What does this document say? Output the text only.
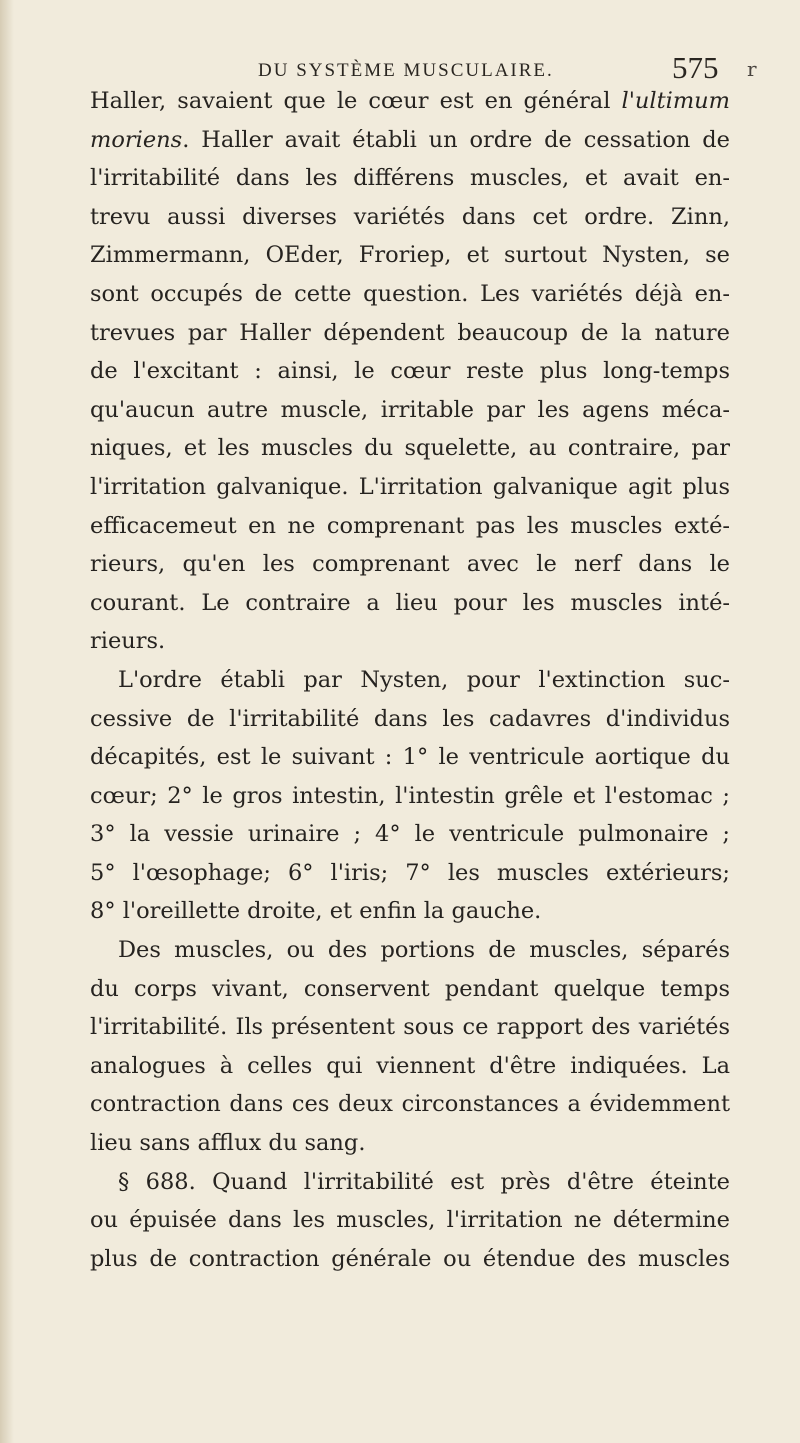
DU SYSTÈME MUSCULAIRE.	575 r

Haller, savaient que le cœur est en général l'ultimum
moriens. Haller avait établi un ordre de cessation de
l'irritabilité dans les différens muscles, et avait en-
trevu aussi diverses variétés dans cet ordre. Zinn,
Zimmermann, OEder, Froriep, et surtout Nysten, se
sont occupés de cette question. Les variétés déjà en-
trevues par Haller dépendent beaucoup de la nature
de l'excitant : ainsi, le cœur reste plus long-temps
qu'aucun autre muscle, irritable par les agens méca-
niques, et les muscles du squelette, au contraire, par
l'irritation galvanique. L'irritation galvanique agit plus
efficacemeut en ne comprenant pas les muscles exté-
rieurs, qu'en les comprenant avec le nerf dans le
courant. Le contraire a lieu pour les muscles inté-
rieurs.

L'ordre établi par Nysten, pour l'extinction suc-
cessive de l'irritabilité dans les cadavres d'individus
décapités, est le suivant : 1° le ventricule aortique du
cœur; 2° le gros intestin, l'intestin grêle et l'estomac ;
3° la vessie urinaire ; 4° le ventricule pulmonaire ;
5° l'œsophage; 6° l'iris; 7° les muscles extérieurs;
8° l'oreillette droite, et enfin la gauche.

Des muscles, ou des portions de muscles, séparés
du corps vivant, conservent pendant quelque temps
l'irritabilité. Ils présentent sous ce rapport des variétés
analogues à celles qui viennent d'être indiquées. La
contraction dans ces deux circonstances a évidemment
lieu sans afflux du sang.

§ 688. Quand l'irritabilité est près d'être éteinte
ou épuisée dans les muscles, l'irritation ne détermine
plus de contraction générale ou étendue des muscles
